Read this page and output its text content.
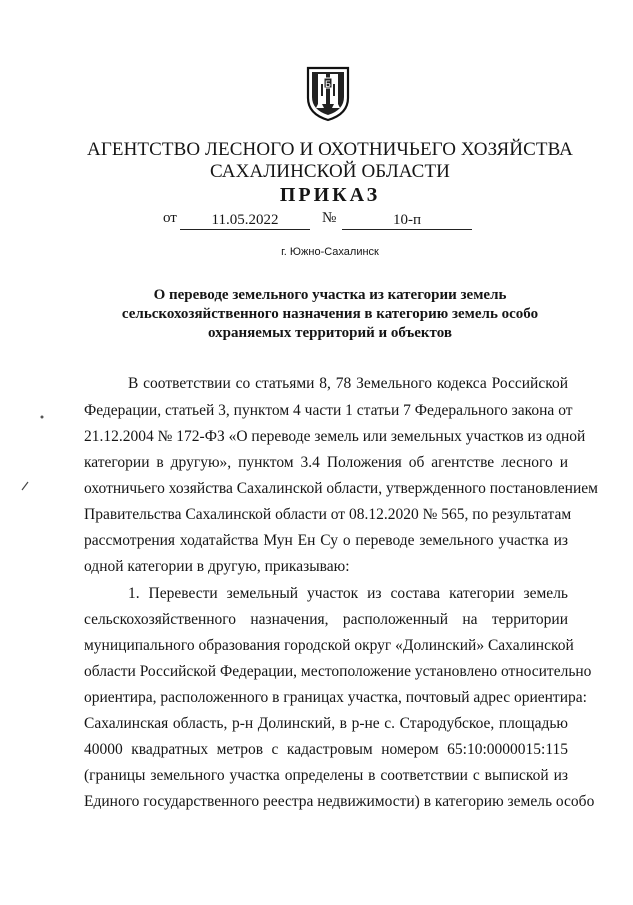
Б
АГЕНТСТВО ЛЕСНОГО И ОХОТНИЧЬЕГО ХОЗЯЙСТВА
САХАЛИНСКОЙ ОБЛАСТИ
ПРИКАЗ
от	11.05.2022	№	10-п
г. Южно-Сахалинск
О переводе земельного участка из категории земель
сельскохозяйственного назначения в категорию земель особо
охраняемых территорий и объектов
В соответствии со статьями 8, 78 Земельного кодекса Российской
Федерации, статьей 3, пунктом 4 части 1 статьи 7 Федерального закона от
21.12.2004 № 172-ФЗ «О переводе земель или земельных участков из одной
категории в другую», пунктом 3.4 Положения об агентстве лесного и
охотничьего хозяйства Сахалинской области, утвержденного постановлением
Правительства Сахалинской области от 08.12.2020 № 565, по результатам
рассмотрения ходатайства Мун Ен Су о переводе земельного участка из
одной категории в другую, приказываю:
1. Перевести земельный участок из состава категории земель
сельскохозяйственного назначения, расположенный на территории
муниципального образования городской округ «Долинский» Сахалинской
области Российской Федерации, местоположение установлено относительно
ориентира, расположенного в границах участка, почтовый адрес ориентира:
Сахалинская область, р-н Долинский, в р-не с. Стародубское, площадью
40000 квадратных метров с кадастровым номером 65:10:0000015:115
(границы земельного участка определены в соответствии с выпиской из
Единого государственного реестра недвижимости) в категорию земель особо
